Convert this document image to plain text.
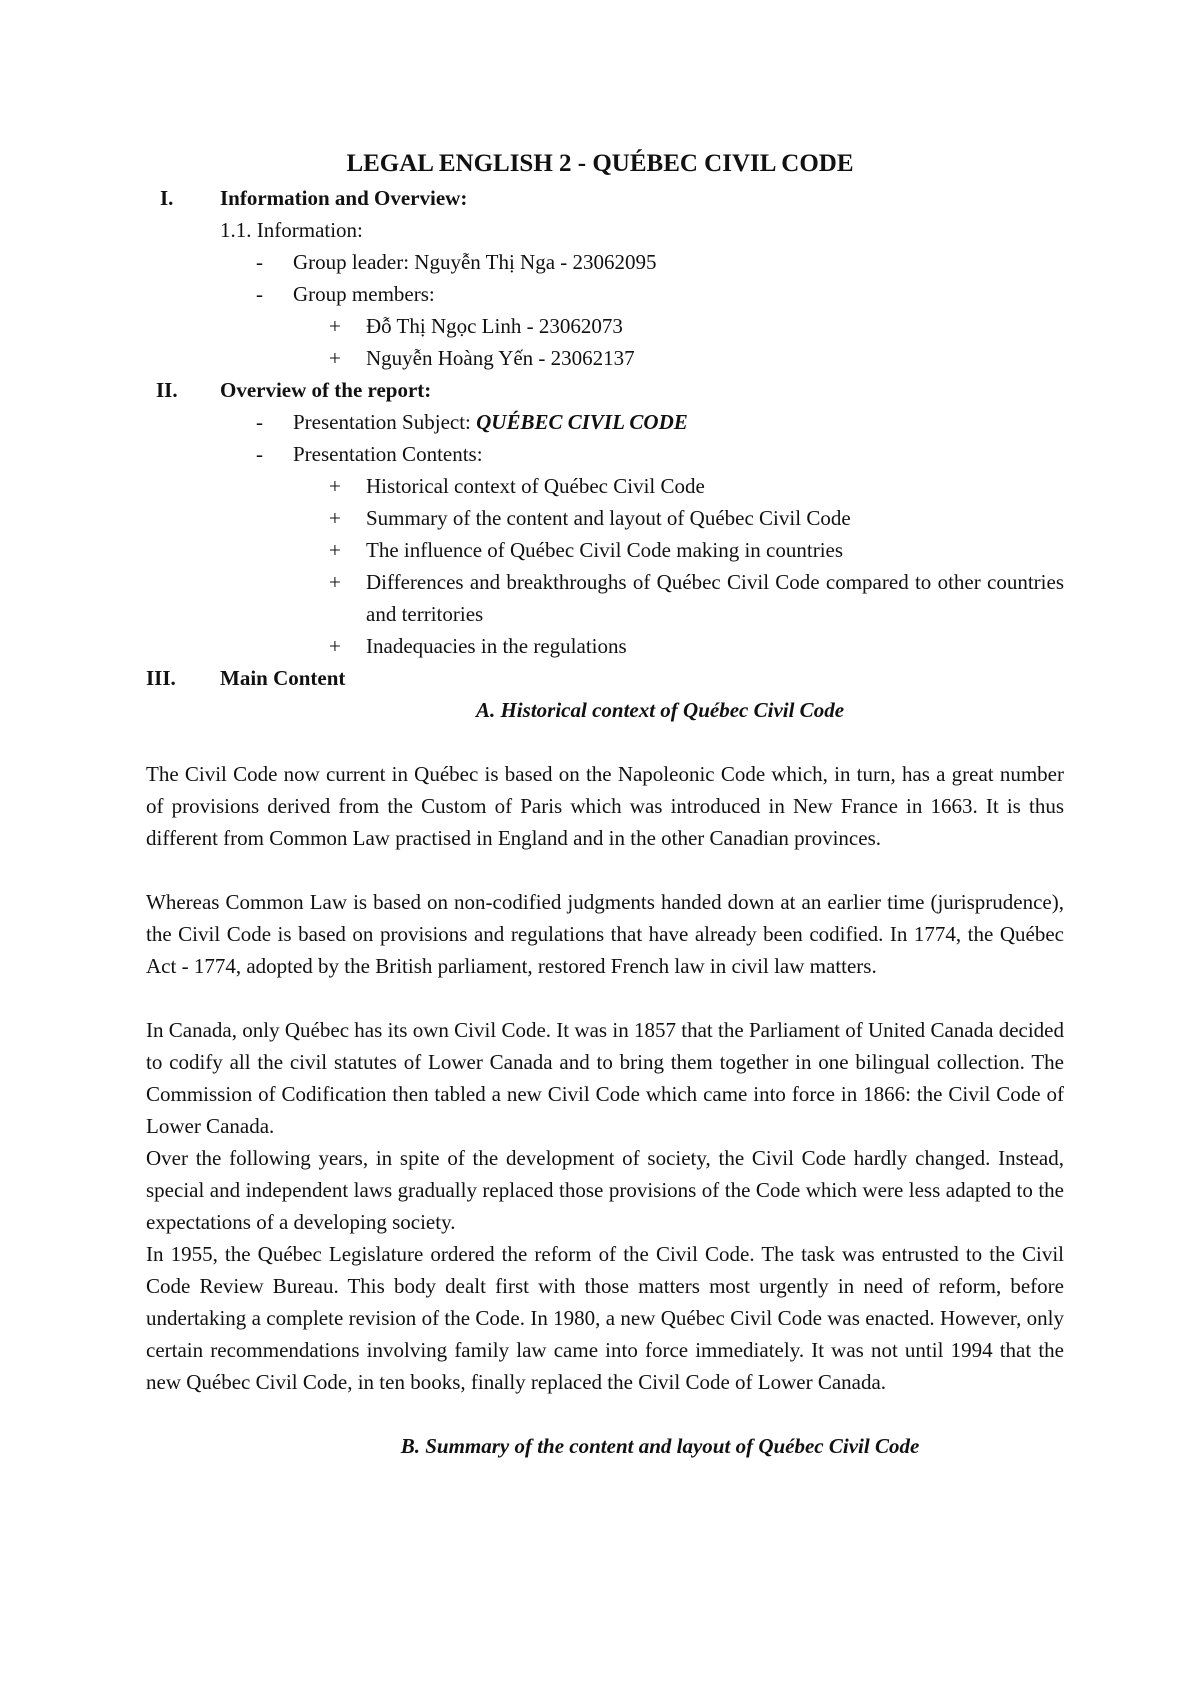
LEGAL ENGLISH 2 - QUÉBEC CIVIL CODE
I. Information and Overview:
1.1. Information:
- Group leader: Nguyễn Thị Nga - 23062095
- Group members:
+ Đỗ Thị Ngọc Linh - 23062073
+ Nguyễn Hoàng Yến - 23062137
II. Overview of the report:
- Presentation Subject: QUÉBEC CIVIL CODE
- Presentation Contents:
+ Historical context of Québec Civil Code
+ Summary of the content and layout of Québec Civil Code
+ The influence of Québec Civil Code making in countries
+ Differences and breakthroughs of Québec Civil Code compared to other countries and territories
+ Inadequacies in the regulations
III. Main Content
A. Historical context of Québec Civil Code
The Civil Code now current in Québec is based on the Napoleonic Code which, in turn, has a great number of provisions derived from the Custom of Paris which was introduced in New France in 1663. It is thus different from Common Law practised in England and in the other Canadian provinces.
Whereas Common Law is based on non-codified judgments handed down at an earlier time (jurisprudence), the Civil Code is based on provisions and regulations that have already been codified. In 1774, the Québec Act - 1774, adopted by the British parliament, restored French law in civil law matters.
In Canada, only Québec has its own Civil Code. It was in 1857 that the Parliament of United Canada decided to codify all the civil statutes of Lower Canada and to bring them together in one bilingual collection. The Commission of Codification then tabled a new Civil Code which came into force in 1866: the Civil Code of Lower Canada.
Over the following years, in spite of the development of society, the Civil Code hardly changed. Instead, special and independent laws gradually replaced those provisions of the Code which were less adapted to the expectations of a developing society.
In 1955, the Québec Legislature ordered the reform of the Civil Code. The task was entrusted to the Civil Code Review Bureau. This body dealt first with those matters most urgently in need of reform, before undertaking a complete revision of the Code. In 1980, a new Québec Civil Code was enacted. However, only certain recommendations involving family law came into force immediately. It was not until 1994 that the new Québec Civil Code, in ten books, finally replaced the Civil Code of Lower Canada.
B. Summary of the content and layout of Québec Civil Code
